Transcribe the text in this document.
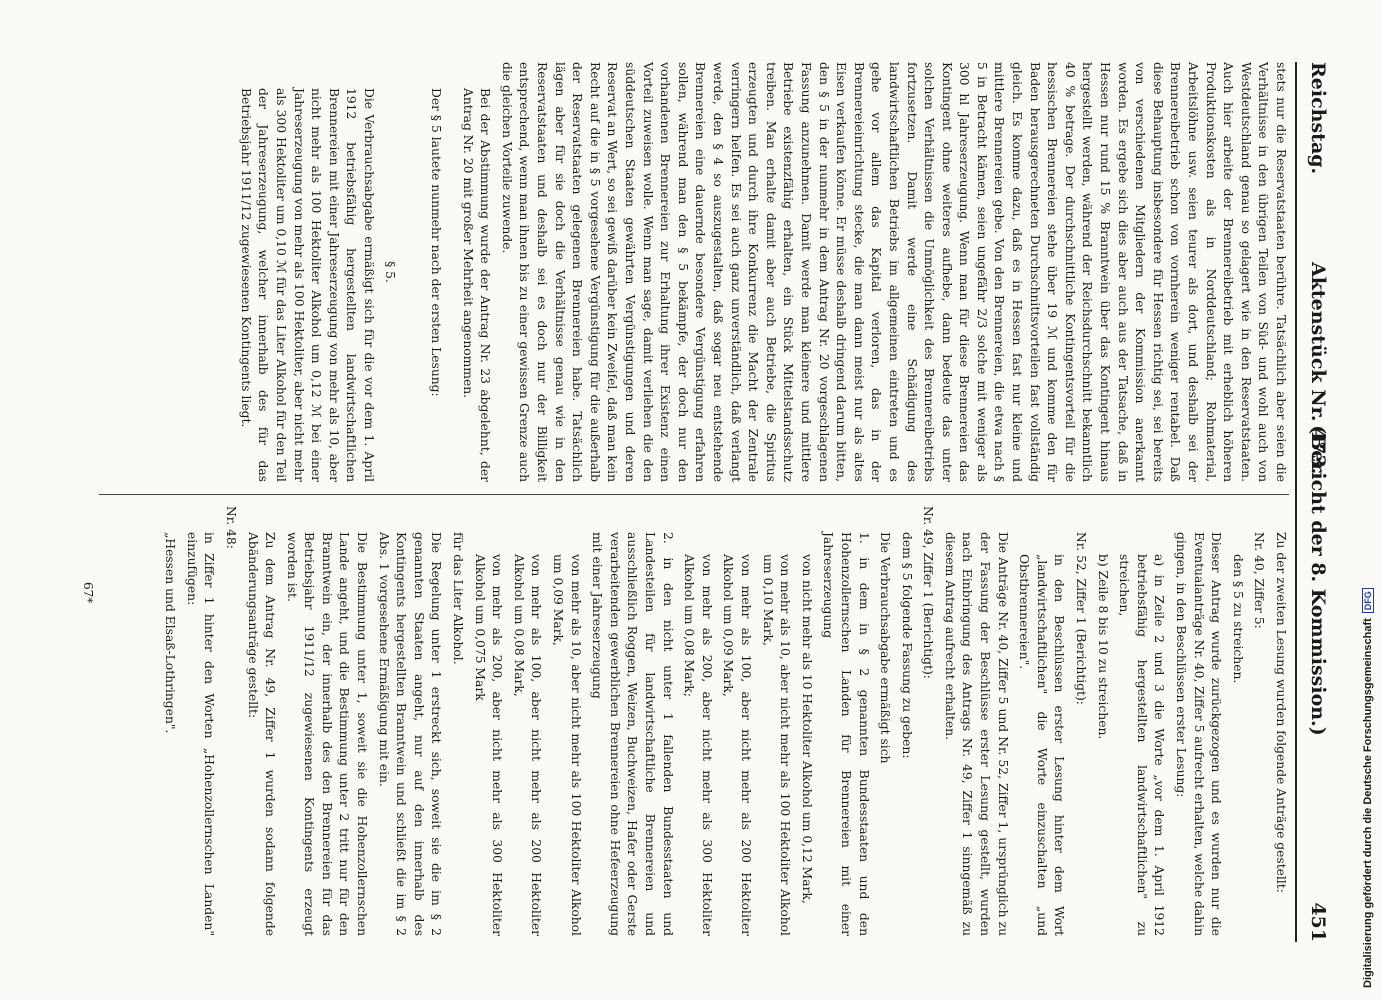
Reichstag.
Aktenstück Nr. 473.
(Bericht der 8. Kommission.) 451

stets nur die Reservatstaaten berühre. Tatsächlich aber seien die Verhältnisse in den übrigen Teilen von Süd- und wohl auch von Westdeutschland genau so gelagert wie in den Reservatstaaten. Auch hier arbeite der Brennereibetrieb mit erheblich höheren Produktionskosten als in Norddeutschland; Rohmaterial, Arbeitslöhne usw. seien teurer als dort, und deshalb sei der Brennereibetrieb schon von vornherein weniger rentabel. Daß diese Behauptung insbesondere für Hessen richtig sei, sei bereits von verschiedenen Mitgliedern der Kommission anerkannt worden. Es ergebe sich dies aber auch aus der Tatsache, daß in Hessen nur rund 15 % Branntwein über das Kontingent hinaus hergestellt werden, während der Reichsdurchschnitt bekanntlich 40 % betrage. Der durchschnittliche Kontingentsvorteil für die hessischen Brennereien stehe über 19 ℳ und komme den für Baden herausgerechneten Durchschnittsvorteilen fast vollständig gleich. Es komme dazu, daß es in Hessen fast nur kleine und mittlere Brennereien gebe. Von den Brennereien, die etwa nach § 5 in Betracht kämen, seien ungefähr 2/3 solche mit weniger als 300 hl Jahreserzeugung. Wenn man für diese Brennereien das Kontingent ohne weiteres aufhebe, dann bedeute das unter solchen Verhältnissen die Unmöglichkeit des Brennereibetriebs fortzusetzen. Damit werde eine Schädigung des landwirtschaftlichen Betriebs im allgemeinen eintreten und es gehe vor allem das Kapital verloren, das in der Brennereieinrichtung stecke, die man dann meist nur als altes Eisen verkaufen könne. Er müsse deshalb dringend darum bitten, den § 5 in der nunmehr in dem Antrag Nr. 20 vorgeschlagenen Fassung anzunehmen. Damit werde man kleinere und mittlere Betriebe existenzfähig erhalten, ein Stück Mittelstandsschutz treiben. Man erhalte damit aber auch Betriebe, die Spiritus erzeugten und durch ihre Konkurrenz die Macht der Zentrale verringern helfen. Es sei auch ganz unverständlich, daß verlangt werde, den § 4 so auszugestalten, daß sogar neu entstehende Brennereien eine dauernde besondere Vergünstigung erfahren sollen, während man den § 5 bekämpfe, der doch nur den vorhandenen Brennereien zur Erhaltung ihrer Existenz einen Vorteil zuweisen wolle. Wenn man sage, damit verliehen die den süddeutschen Staaten gewährten Vergünstigungen und deren Reservat an Wert, so sei gewiß darüber kein Zweifel, daß man kein Recht auf die in § 5 vorgesehene Vergünstigung für die außerhalb der Reservatstaaten gelegenen Brennereien habe. Tatsächlich lägen aber für sie doch die Verhältnisse genau wie in den Reservatstaaten und deshalb sei es doch nur der Billigkeit entsprechend, wenn man ihnen bis zu einer gewissen Grenze auch die gleichen Vorteile zuwende.

Bei der Abstimmung wurde der Antrag Nr. 23 abgelehnt, der Antrag Nr. 20 mit großer Mehrheit angenommen.

Der § 5 lautete nunmehr nach der ersten Lesung:

§ 5.

Die Verbrauchsabgabe ermäßigt sich für die vor dem 1. April 1912 betriebsfähig hergestellten landwirtschaftlichen Brennereien mit einer Jahreserzeugung von mehr als 10, aber nicht mehr als 100 Hektoliter Alkohol um 0,12 ℳ bei einer Jahreserzeugung von mehr als 100 Hektoliter, aber nicht mehr als 300 Hektoliter um 0,10 ℳ für das Liter Alkohol für den Teil der Jahreserzeugung, welcher innerhalb des für das Betriebsjahr 1911/12 zugewiesenen Kontingents liegt.

Zu der zweiten Lesung wurden folgende Anträge gestellt:

Nr. 40, Ziffer 5:

den § 5 zu streichen.

Dieser Antrag wurde zurückgezogen und es wurden nur die Eventualanträge Nr. 40, Ziffer 5 aufrecht erhalten, welche dahin gingen, in den Beschlüssen erster Lesung:

a) in Zeile 2 und 3 die Worte „vor dem 1. April 1912 betriebsfähig hergestellten landwirtschaftlichen" zu streichen,

b) Zeile 8 bis 10 zu streichen.

Nr. 52, Ziffer 1 (Berichtigt):

in den Beschlüssen erster Lesung hinter dem Wort „landwirtschaftlichen" die Worte einzuschalten „und Obstbrennereien".

Die Anträge Nr. 40, Ziffer 5 und Nr. 52, Ziffer 1, ursprünglich zu der Fassung der Beschlüsse erster Lesung gestellt, wurden nach Einbringung des Antrags Nr. 49, Ziffer 1 sinngemäß zu diesem Antrag aufrecht erhalten.

Nr. 49, Ziffer 1 (Berichtigt):

dem § 5 folgende Fassung zu geben:

Die Verbrauchsabgabe ermäßigt sich

1. in dem in § 2 genannten Bundesstaaten und den Hohenzollernschen Landen für Brennereien mit einer Jahreserzeugung

von nicht mehr als 10 Hektoliter Alkohol um 0,12 Mark,

von mehr als 10, aber nicht mehr als 100 Hektoliter Alkohol um 0,10 Mark,

von mehr als 100, aber nicht mehr als 200 Hektoliter Alkohol um 0,09 Mark,

von mehr als 200, aber nicht mehr als 300 Hektoliter Alkohol um 0,08 Mark;

2. in den nicht unter 1 fallenden Bundesstaaten und Landesteilen für landwirtschaftliche Brennereien und ausschließlich Roggen, Weizen, Buchweizen, Hafer oder Gerste verarbeitenden gewerblichen Brennereien ohne Hefeerzeugung mit einer Jahreserzeugung

von mehr als 10, aber nicht mehr als 100 Hektoliter Alkohol um 0,09 Mark,

von mehr als 100, aber nicht mehr als 200 Hektoliter Alkohol um 0,08 Mark,

von mehr als 200, aber nicht mehr als 300 Hektoliter Alkohol um 0,075 Mark

für das Liter Alkohol.

Die Regelung unter 1 erstreckt sich, soweit sie die im § 2 genannten Staaten angeht, nur auf den innerhalb des Kontingents hergestellten Branntwein und schließt die im § 2 Abs. 1 vorgesehene Ermäßigung mit ein.

Die Bestimmung unter 1, soweit sie die Hohenzollernschen Lande angeht, und die Bestimmung unter 2 tritt nur für den Branntwein ein, der innerhalb des den Brennereien für das Betriebsjahr 1911/12 zugewiesenen Kontingents erzeugt worden ist.

Zu dem Antrag Nr. 49, Ziffer 1 wurden sodann folgende Abänderungsanträge gestellt:

Nr. 48:

in Ziffer 1 hinter den Worten „Hohenzollernschen Landen" einzufügen:

„Hessen und Elsaß-Lothringen".

67*
Digitalisierung gefördert durch die Deutsche Forschungsgemeinschaft
DFG
